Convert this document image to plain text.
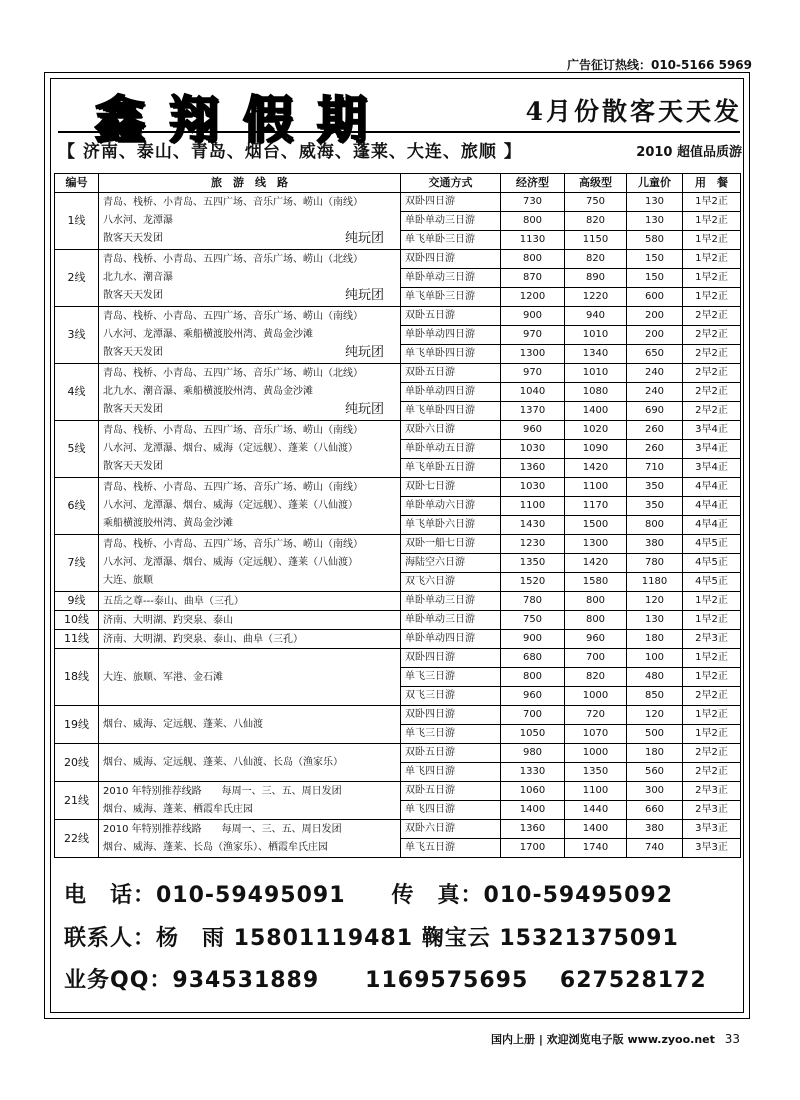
广告征订热线：010-5166 5969
鑫翔假期	4月份散客天天发
【 济南、泰山、青岛、烟台、威海、蓬莱、大连、旅顺 】	2010 超值品质游
编号	旅　游　线　路	交通方式	经济型	高级型	儿童价	用　餐
1线	青岛、栈桥、小青岛、五四广场、音乐广场、崂山（南线）
八水河、龙潭瀑
散客天天发团 纯玩团	双卧四日游	730	750	130	1早2正
		单卧单动三日游	800	820	130	1早2正
		单飞单卧三日游	1130	1150	580	1早2正
2线	青岛、栈桥、小青岛、五四广场、音乐广场、崂山（北线）
北九水、潮音瀑
散客天天发团 纯玩团	双卧四日游	800	820	150	1早2正
		单卧单动三日游	870	890	150	1早2正
		单飞单卧三日游	1200	1220	600	1早2正
3线	青岛、栈桥、小青岛、五四广场、音乐广场、崂山（南线）
八水河、龙潭瀑、乘船横渡胶州湾、黄岛金沙滩
散客天天发团 纯玩团	双卧五日游	900	940	200	2早2正
		单卧单动四日游	970	1010	200	2早2正
		单飞单卧四日游	1300	1340	650	2早2正
4线	青岛、栈桥、小青岛、五四广场、音乐广场、崂山（北线）
北九水、潮音瀑、乘船横渡胶州湾、黄岛金沙滩
散客天天发团 纯玩团	双卧五日游	970	1010	240	2早2正
		单卧单动四日游	1040	1080	240	2早2正
		单飞单卧四日游	1370	1400	690	2早2正
5线	青岛、栈桥、小青岛、五四广场、音乐广场、崂山（南线）
八水河、龙潭瀑、烟台、威海（定远舰）、蓬莱（八仙渡）
散客天天发团	双卧六日游	960	1020	260	3早4正
		单卧单动五日游	1030	1090	260	3早4正
		单飞单卧五日游	1360	1420	710	3早4正
6线	青岛、栈桥、小青岛、五四广场、音乐广场、崂山（南线）
八水河、龙潭瀑、烟台、威海（定远舰）、蓬莱（八仙渡）
乘船横渡胶州湾、黄岛金沙滩	双卧七日游	1030	1100	350	4早4正
		单卧单动六日游	1100	1170	350	4早4正
		单飞单卧六日游	1430	1500	800	4早4正
7线	青岛、栈桥、小青岛、五四广场、音乐广场、崂山（南线）
八水河、龙潭瀑、烟台、威海（定远舰）、蓬莱（八仙渡）
大连、旅顺	双卧一船七日游	1230	1300	380	4早5正
		海陆空六日游	1350	1420	780	4早5正
		双飞六日游	1520	1580	1180	4早5正
9线	五岳之尊---泰山、曲阜（三孔）	单卧单动三日游	780	800	120	1早2正
10线	济南、大明湖、趵突泉、泰山	单卧单动三日游	750	800	130	1早2正
11线	济南、大明湖、趵突泉、泰山、曲阜（三孔）	单卧单动四日游	900	960	180	2早3正
18线	大连、旅顺、军港、金石滩	双卧四日游	680	700	100	1早2正
		单飞三日游	800	820	480	1早2正
		双飞三日游	960	1000	850	2早2正
19线	烟台、威海、定远舰、蓬莱、八仙渡	双卧四日游	700	720	120	1早2正
		单飞三日游	1050	1070	500	1早2正
20线	烟台、威海、定远舰、蓬莱、八仙渡、长岛（渔家乐）	双卧五日游	980	1000	180	2早2正
		单飞四日游	1330	1350	560	2早2正
21线	2010 年特别推荐线路　　每周一、三、五、周日发团
烟台、威海、蓬莱、栖霞牟氏庄园	双卧五日游	1060	1100	300	2早3正
		单飞四日游	1400	1440	660	2早3正
22线	2010 年特别推荐线路　　每周一、三、五、周日发团
烟台、威海、蓬莱、长岛（渔家乐）、栖霞牟氏庄园	双卧六日游	1360	1400	380	3早3正
		单飞五日游	1700	1740	740	3早3正
电　话：010-59495091　　传　真：010-59495092
联系人：杨　雨 15801119481 鞠宝云 15321375091
业务QQ：934531889　　1169575695　 627528172
国内上册 | 欢迎浏览电子版 www.zyoo.net 33
